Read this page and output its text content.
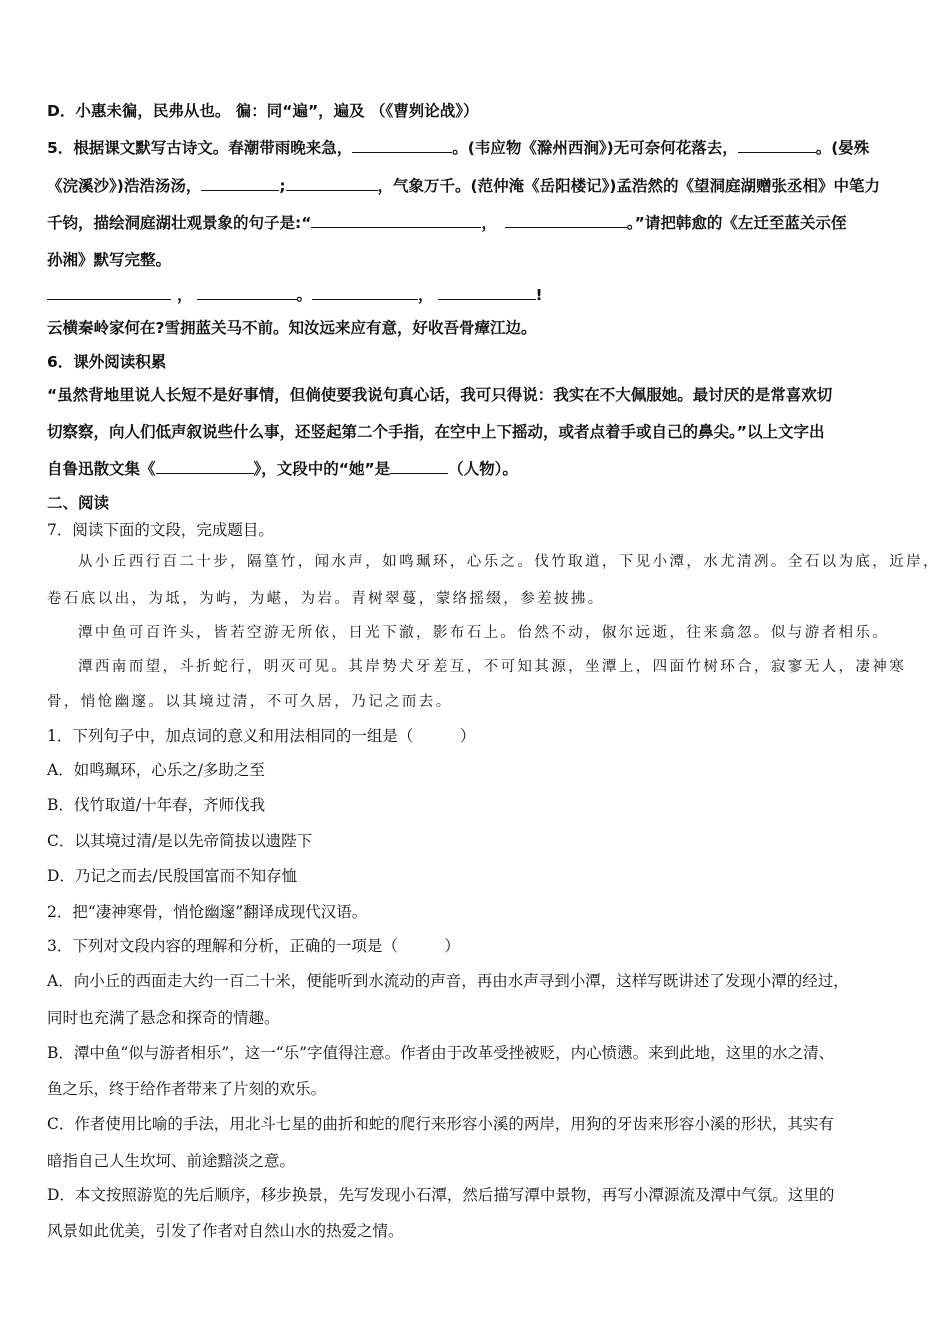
D．小惠未徧，民弗从也。 徧：同“遍”，遍及 （《曹刿论战》）
5．根据课文默写古诗文。春潮带雨晚来急，	。(韦应物《滁州西涧》)无可奈何花落去，	。(晏殊
《浣溪沙》)浩浩汤汤，	;	，气象万千。(范仲淹《岳阳楼记》)孟浩然的《望洞庭湖赠张丞相》中笔力
千钧，描绘洞庭湖壮观景象的句子是:“	，	。”请把韩愈的《左迁至蓝关示侄
孙湘》默写完整。
，	。	，	!
云横秦岭家何在?雪拥蓝关马不前。知汝远来应有意，好收吾骨瘴江边。
6．课外阅读积累
“虽然背地里说人长短不是好事情，但倘使要我说句真心话，我可只得说：我实在不大佩服她。最讨厌的是常喜欢切
切察察，向人们低声叙说些什么事，还竖起第二个手指，在空中上下摇动，或者点着手或自己的鼻尖。”以上文字出
自鲁迅散文集《	》，文段中的“她”是	（人物）。
二、阅读
7．阅读下面的文段，完成题目。
从小丘西行百二十步，隔篁竹，闻水声，如鸣珮环，心乐之。伐竹取道，下见小潭，水尤清冽。全石以为底，近岸，
卷石底以出，为坻，为屿，为嵁，为岩。青树翠蔓，蒙络摇缀，参差披拂。
潭中鱼可百许头，皆若空游无所依，日光下澈，影布石上。佁然不动，俶尔远逝，往来翕忽。似与游者相乐。
潭西南而望，斗折蛇行，明灭可见。其岸势犬牙差互，不可知其源，坐潭上，四面竹树环合，寂寥无人，凄神寒
骨，悄怆幽邃。以其境过清，不可久居，乃记之而去。
1．下列句子中，加点词的意义和用法相同的一组是（　　　）
A．如鸣珮环，心乐之/多助之至
B．伐竹取道/十年春，齐师伐我
C．以其境过清/是以先帝简拔以遗陛下
D．乃记之而去/民殷国富而不知存恤
2．把“凄神寒骨，悄怆幽邃”翻译成现代汉语。
3．下列对文段内容的理解和分析，正确的一项是（　　　）
A．向小丘的西面走大约一百二十米，便能听到水流动的声音，再由水声寻到小潭，这样写既讲述了发现小潭的经过，
同时也充满了悬念和探奇的情趣。
B．潭中鱼“似与游者相乐”，这一“乐”字值得注意。作者由于改革受挫被贬，内心愤懑。来到此地，这里的水之清、
鱼之乐，终于给作者带来了片刻的欢乐。
C．作者使用比喻的手法，用北斗七星的曲折和蛇的爬行来形容小溪的两岸，用狗的牙齿来形容小溪的形状，其实有
暗指自己人生坎坷、前途黯淡之意。
D．本文按照游览的先后顺序，移步换景，先写发现小石潭，然后描写潭中景物，再写小潭源流及潭中气氛。这里的
风景如此优美，引发了作者对自然山水的热爱之情。
